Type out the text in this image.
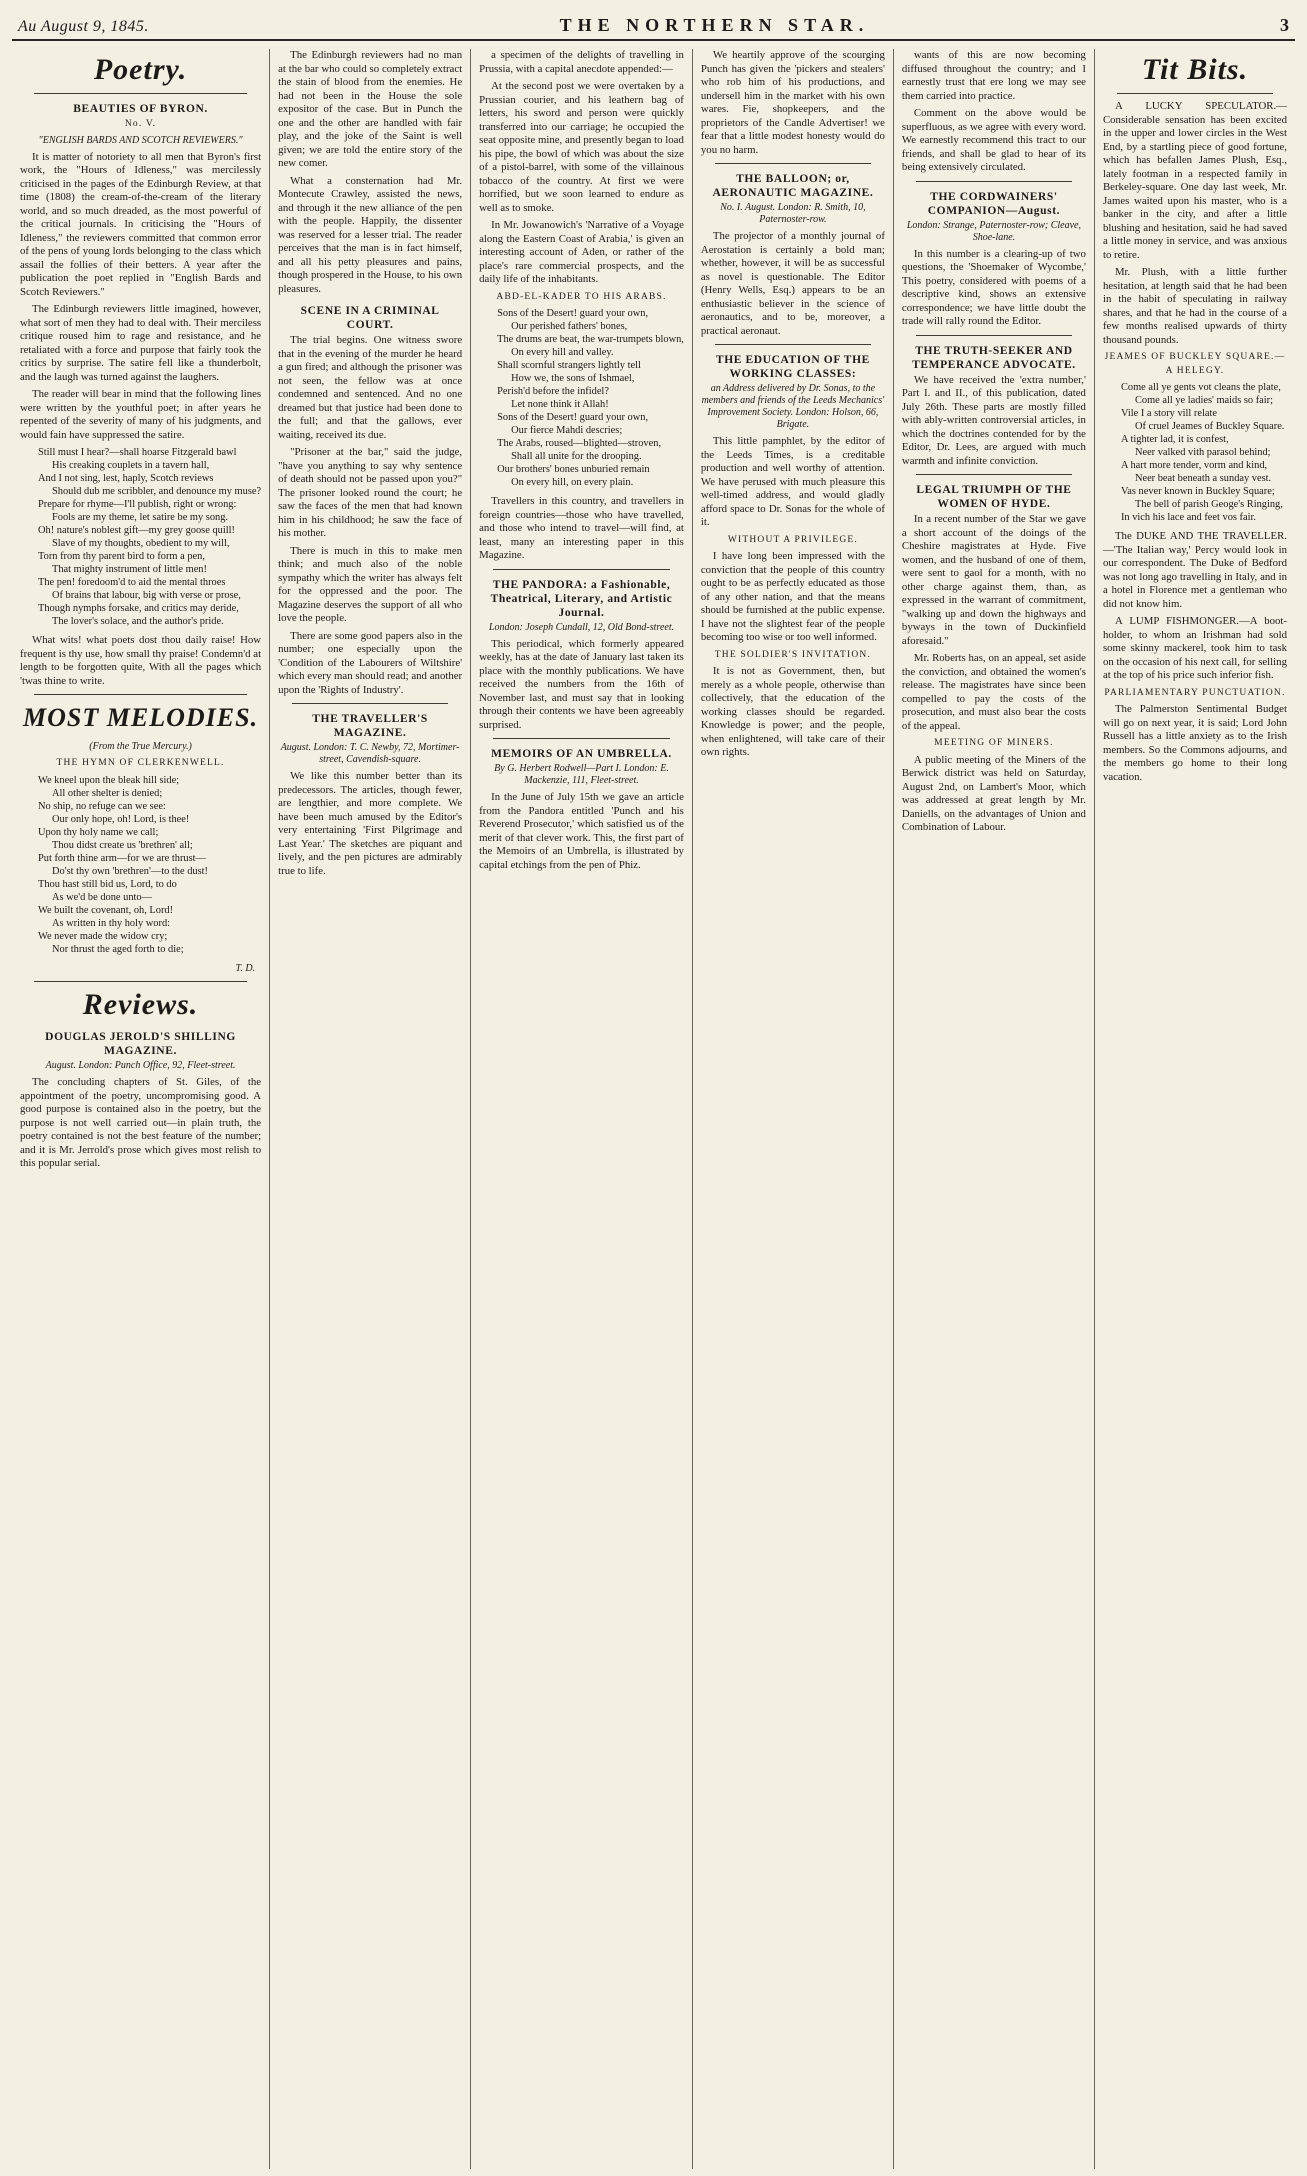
Au August 9, 1845.	THE NORTHERN STAR.	3
Poetry.
BEAUTIES OF BYRON.
No. V.
"ENGLISH BARDS AND SCOTCH REVIEWERS."

It is matter of notoriety to all men that Byron's first work, the "Hours of Idleness," was mercilessly criticised in the pages of the Edinburgh Review, at that time (1808) the cream-of-the-cream of the literary world, and so much dreaded, as the most powerful of the critical journals. In criticising the "Hours of Idleness," the reviewers committed that common error of the pens of young lords belonging to the class which assail the follies of their betters. A year after the publication the poet replied in "English Bards and Scotch Reviewers."

The Edinburgh reviewers little imagined, however, what sort of men they had to deal with. Their merciless critique roused him to rage and resistance, and he retaliated with a force and purpose that fairly took the critics by surprise. The satire fell like a thunderbolt, and the laugh was turned against the laughers.

The reader will bear in mind that the following lines were written by the youthful poet; in after years he repented of the severity of many of his judgments, and would fain have suppressed the satire.

Still must I hear?—shall hoarse Fitzgerald bawl
His creaking couplets in a tavern hall,
And I not sing, lest, haply, Scotch reviews
Should dub me scribbler, and denounce my muse?
Prepare for rhyme—I'll publish, right or wrong:
Fools are my theme, let satire be my song.
Oh! nature's noblest gift—my grey goose quill!
Slave of my thoughts, obedient to my will,
Torn from thy parent bird to form a pen,
That mighty instrument of little men!
The pen! foredoom'd to aid the mental throes
Of brains that labour, big with verse or prose,
Though nymphs forsake, and critics may deride,
The lover's solace, and the author's pride.

What wits! what poets dost thou daily raise! How frequent is thy use, how small thy praise! Condemn'd at length to be forgotten quite, With all the pages which 'twas thine to write.

MOST MELODIES.
(From the True Mercury.)
THE HYMN OF CLERKENWELL.
We kneel upon the bleak hill side;
All other shelter is denied;
No ship, no refuge can we see:
Our only hope, oh! Lord, is thee!
Upon thy holy name we call;
Thou didst create us 'brethren' all;
Put forth thine arm—for we are thrust—
Do'st thy own 'brethren'—to the dust!
Thou hast still bid us, Lord, to do
As we'd be done unto—
We built the covenant, oh, Lord!
As written in thy holy word:
We never made the widow cry;
Nor thrust the aged forth to die;
T. D.
Reviews.
DOUGLAS JEROLD'S SHILLING MAGAZINE.
August. London: Punch Office, 92, Fleet-street.

The concluding chapters of St. Giles, of the appointment of the poetry, uncompromising good. A good purpose is contained also in the poetry, but the purpose is not well carried out—in plain truth, the poetry contained is not the best feature of the number; and it is Mr. Jerrold's prose which gives most relish to this popular serial.

The Edinburgh reviewers had no man at the bar who could so completely extract the stain of blood from the enemies. He had not been in the House the sole expositor of the case. But in Punch the one and the other are handled with fair play, and the joke of the Saint is well given; we are told the entire story of the new comer.

What a consternation had Mr. Montecute Crawley, assisted the news, and through it the new alliance of the pen with the people. Happily, the dissenter was reserved for a lesser trial. The reader perceives that the man is in fact himself, and all his petty pleasures and pains, though prospered in the House, to his own pleasures.

SCENE IN A CRIMINAL COURT.

The trial begins. One witness swore that in the evening of the murder he heard a gun fired; and although the prisoner was not seen, the fellow was at once condemned and sentenced. And no one dreamed but that justice had been done to the full; and that the gallows, ever waiting, received its due.

"Prisoner at the bar," said the judge, "have you anything to say why sentence of death should not be passed upon you?" The prisoner looked round the court; he saw the faces of the men that had known him in his childhood; he saw the face of his mother.

There is much in this to make men think; and much also of the noble sympathy which the writer has always felt for the oppressed and the poor. The Magazine deserves the support of all who love the people.

There are some good papers also in the number; one especially upon the 'Condition of the Labourers of Wiltshire' which every man should read; and another upon the 'Rights of Industry'.

THE TRAVELLER'S MAGAZINE.
August. London: T. C. Newby, 72, Mortimer-street, Cavendish-square.

We like this number better than its predecessors. The articles, though fewer, are lengthier, and more complete. We have been much amused by the Editor's very entertaining 'First Pilgrimage and Last Year.' The sketches are piquant and lively, and the pen pictures are admirably true to life.

a specimen of the delights of travelling in Prussia, with a capital anecdote appended:—

At the second post we were overtaken by a Prussian courier, and his leathern bag of letters, his sword and person were quickly transferred into our carriage; he occupied the seat opposite mine, and presently began to load his pipe, the bowl of which was about the size of a pistol-barrel, with some of the villainous tobacco of the country. At first we were horrified, but we soon learned to endure as well as to smoke.

In Mr. Jowanowich's 'Narrative of a Voyage along the Eastern Coast of Arabia,' is given an interesting account of Aden, or rather of the place's rare commercial prospects, and the daily life of the inhabitants.

ABD-EL-KADER TO HIS ARABS.
Sons of the Desert! guard your own,
Our perished fathers' bones,
The drums are beat, the war-trumpets blown,
On every hill and valley.
Shall scornful strangers lightly tell
How we, the sons of Ishmael,
Perish'd before the infidel?
Let none think it Allah!
Sons of the Desert! guard your own,
Our fierce Mahdi descries;
The Arabs, roused—blighted—stroven,
Shall all unite for the drooping.
Our brothers' bones unburied remain
On every hill, on every plain.

Travellers in this country, and travellers in foreign countries—those who have travelled, and those who intend to travel—will find, at least, many an interesting paper in this Magazine.

THE PANDORA: a Fashionable, Theatrical, Literary, and Artistic Journal.
London: Joseph Cundall, 12, Old Bond-street.

This periodical, which formerly appeared weekly, has at the date of January last taken its place with the monthly publications. We have received the numbers from the 16th of November last, and must say that in looking through their contents we have been agreeably surprised.

MEMOIRS OF AN UMBRELLA.
By G. Herbert Rodwell—Part I. London: E. Mackenzie, 111, Fleet-street.

In the June of July 15th we gave an article from the Pandora entitled 'Punch and his Reverend Prosecutor,' which satisfied us of the merit of that clever work. This, the first part of the Memoirs of an Umbrella, is illustrated by capital etchings from the pen of Phiz.

We heartily approve of the scourging Punch has given the 'pickers and stealers' who rob him of his productions, and undersell him in the market with his own wares. Fie, shopkeepers, and the proprietors of the Candle Advertiser! we fear that a little modest honesty would do you no harm.

THE BALLOON; or, AERONAUTIC MAGAZINE.
No. I. August. London: R. Smith, 10, Paternoster-row.

The projector of a monthly journal of Aerostation is certainly a bold man; whether, however, it will be as successful as novel is questionable. The Editor (Henry Wells, Esq.) appears to be an enthusiastic believer in the science of aeronautics, and to be, moreover, a practical aeronaut.

THE EDUCATION OF THE WORKING CLASSES:
an Address delivered by Dr. Sonas, to the members and friends of the Leeds Mechanics' Improvement Society. London: Holson, 66, Brigate.

This little pamphlet, by the editor of the Leeds Times, is a creditable production and well worthy of attention. We have perused with much pleasure this well-timed address, and would gladly afford space to Dr. Sonas for the whole of it.

WITHOUT A PRIVILEGE.

I have long been impressed with the conviction that the people of this country ought to be as perfectly educated as those of any other nation, and that the means should be furnished at the public expense. I have not the slightest fear of the people becoming too wise or too well informed.

THE SOLDIER'S INVITATION.

It is not as Government, then, but merely as a whole people, otherwise than collectively, that the education of the working classes should be regarded. Knowledge is power; and the people, when enlightened, will take care of their own rights.

wants of this are now becoming diffused throughout the country; and I earnestly trust that ere long we may see them carried into practice.

Comment on the above would be superfluous, as we agree with every word. We earnestly recommend this tract to our friends, and shall be glad to hear of its being extensively circulated.

THE CORDWAINERS' COMPANION—August.
London: Strange, Paternoster-row; Cleave, Shoe-lane.

In this number is a clearing-up of two questions, the 'Shoemaker of Wycombe,' This poetry, considered with poems of a descriptive kind, shows an extensive correspondence; we have little doubt the trade will rally round the Editor.

THE TRUTH-SEEKER AND TEMPERANCE ADVOCATE.

We have received the 'extra number,' Part I. and II., of this publication, dated July 26th. These parts are mostly filled with ably-written controversial articles, in which the doctrines contended for by the Editor, Dr. Lees, are argued with much warmth and infinite conviction.

LEGAL TRIUMPH OF THE WOMEN OF HYDE.

In a recent number of the Star we gave a short account of the doings of the Cheshire magistrates at Hyde. Five women, and the husband of one of them, were sent to gaol for a month, with no other charge against them, than, as expressed in the warrant of commitment, "walking up and down the highways and byways in the town of Duckinfield aforesaid."

Mr. Roberts has, on an appeal, set aside the conviction, and obtained the women's release. The magistrates have since been compelled to pay the costs of the prosecution, and must also bear the costs of the appeal.

MEETING OF MINERS.

A public meeting of the Miners of the Berwick district was held on Saturday, August 2nd, on Lambert's Moor, which was addressed at great length by Mr. Daniells, on the advantages of Union and Combination of Labour.

Tit Bits.

A LUCKY SPECULATOR.—Considerable sensation has been excited in the upper and lower circles in the West End, by a startling piece of good fortune, which has befallen James Plush, Esq., lately footman in a respected family in Berkeley-square. One day last week, Mr. James waited upon his master, who is a banker in the city, and after a little blushing and hesitation, said he had saved a little money in service, and was anxious to retire.

Mr. Plush, with a little further hesitation, at length said that he had been in the habit of speculating in railway shares, and that he had in the course of a few months realised upwards of thirty thousand pounds.

JEAMES OF BUCKLEY SQUARE.—A HELEGY.
Come all ye gents vot cleans the plate,
Come all ye ladies' maids so fair;
Vile I a story vill relate
Of cruel Jeames of Buckley Square.
A tighter lad, it is confest,
Neer valked vith parasol behind;
A hart more tender, vorm and kind,
Neer beat beneath a sunday vest.
Vas never known in Buckley Square;
The bell of parish Geoge's Ringing,
In vich his lace and feet vos fair.

The DUKE AND THE TRAVELLER.—'The Italian way,' Percy would look in our correspondent. The Duke of Bedford was not long ago travelling in Italy, and in a hotel in Florence met a gentleman who did not know him.

A LUMP FISHMONGER.—A boot-holder, to whom an Irishman had sold some skinny mackerel, took him to task on the occasion of his next call, for selling at the top of his price such inferior fish.

PARLIAMENTARY PUNCTUATION.

The Palmerston Sentimental Budget will go on next year, it is said; Lord John Russell has a little anxiety as to the Irish members. So the Commons adjourns, and the members go home to their long vacation.
